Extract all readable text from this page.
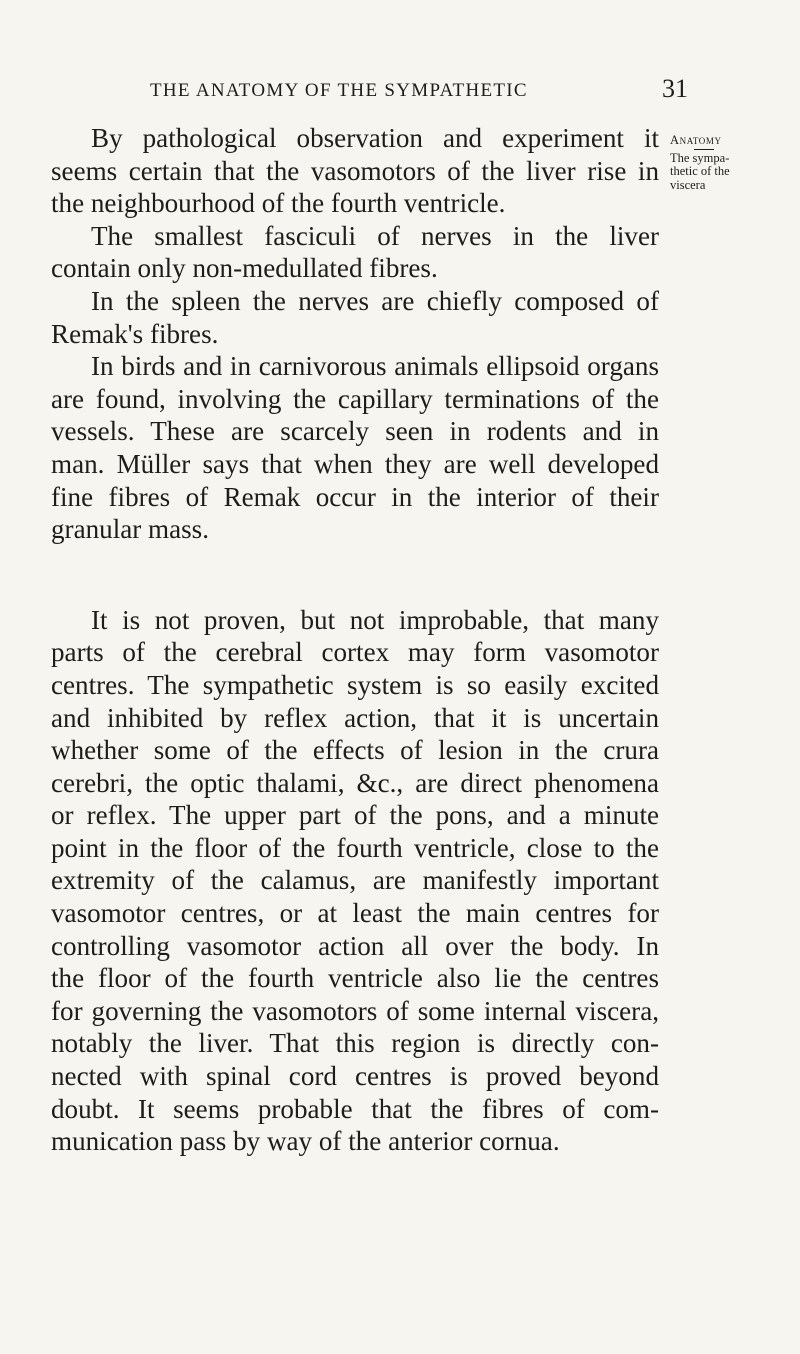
THE ANATOMY OF THE SYMPATHETIC	31
Anatomy
The sympa-
thetic of the
viscera
By pathological observation and experiment it
seems certain that the vasomotors of the liver rise in
the neighbourhood of the fourth ventricle.
The smallest fasciculi of nerves in the liver
contain only non-medullated fibres.
In the spleen the nerves are chiefly composed of
Remak's fibres.
In birds and in carnivorous animals ellipsoid organs
are found, involving the capillary terminations of the
vessels. These are scarcely seen in rodents and in
man. Müller says that when they are well developed
fine fibres of Remak occur in the interior of their
granular mass.
It is not proven, but not improbable, that many
parts of the cerebral cortex may form vasomotor
centres. The sympathetic system is so easily excited
and inhibited by reflex action, that it is uncertain
whether some of the effects of lesion in the crura
cerebri, the optic thalami, &c., are direct phenomena
or reflex. The upper part of the pons, and a minute
point in the floor of the fourth ventricle, close to the
extremity of the calamus, are manifestly important
vasomotor centres, or at least the main centres for
controlling vasomotor action all over the body. In
the floor of the fourth ventricle also lie the centres
for governing the vasomotors of some internal viscera,
notably the liver. That this region is directly con-
nected with spinal cord centres is proved beyond
doubt. It seems probable that the fibres of com-
munication pass by way of the anterior cornua.
